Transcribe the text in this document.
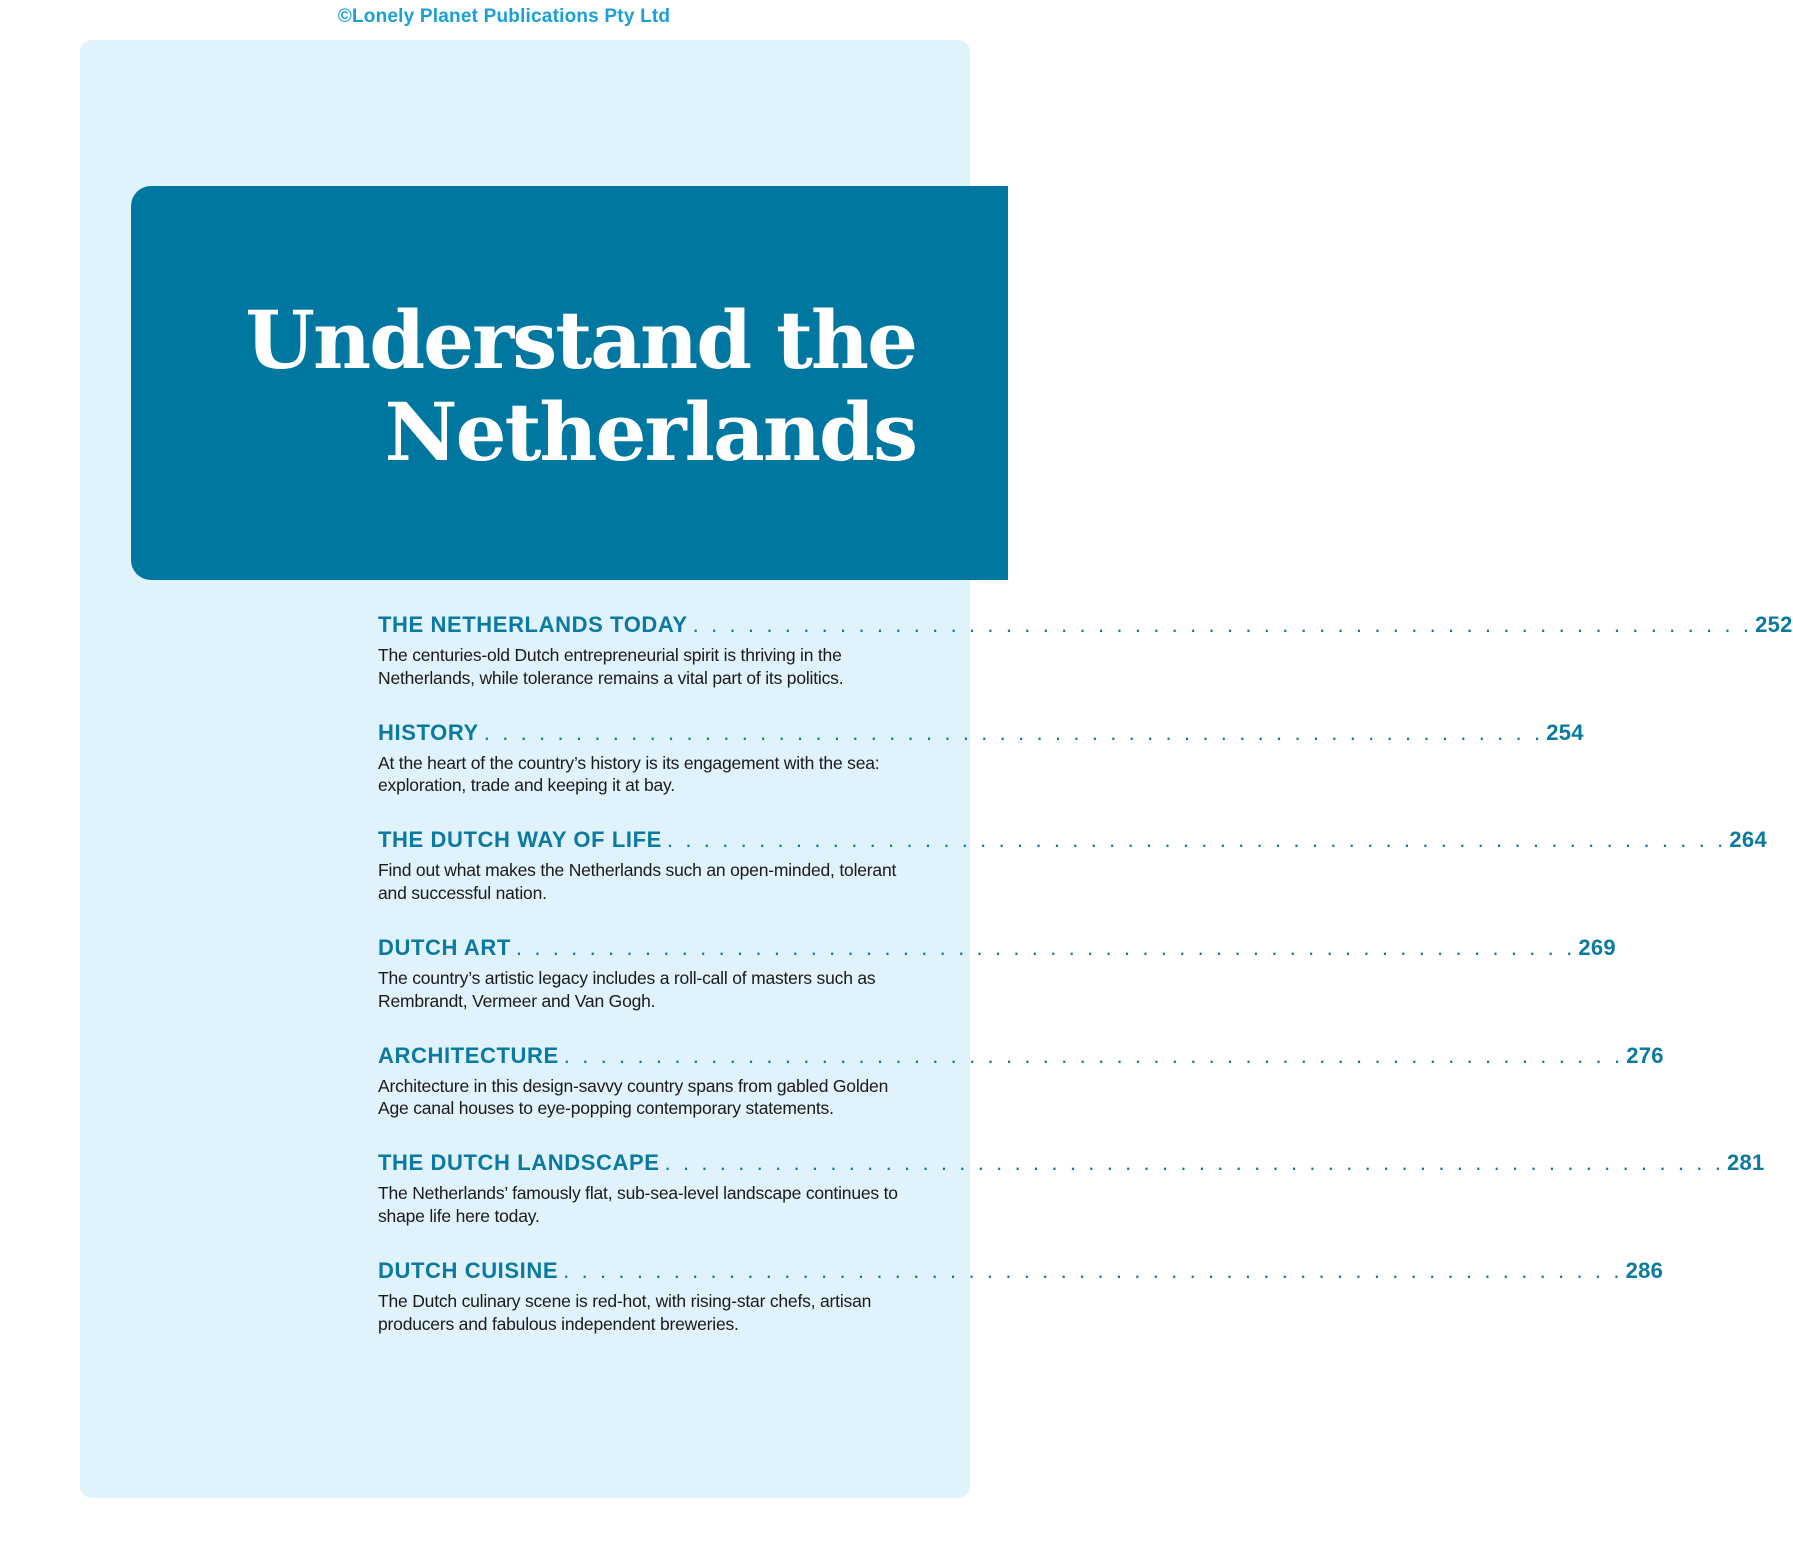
©Lonely Planet Publications Pty Ltd
Understand the
Netherlands
THE NETHERLANDS TODAY . . . . . . . . . . . . . . . . . . . . . . . . . . . . . . . . . . . . . . . . . . . . . . . . . . . . . . . . . . 252

The centuries-old Dutch entrepreneurial spirit is thriving in the Netherlands, while tolerance remains a vital part of its politics.

HISTORY . . . . . . . . . . . . . . . . . . . . . . . . . . . . . . . . . . . . . . . . . . . . . . . . . . . . . . . . . . 254

At the heart of the country’s history is its engagement with the sea: exploration, trade and keeping it at bay.

THE DUTCH WAY OF LIFE . . . . . . . . . . . . . . . . . . . . . . . . . . . . . . . . . . . . . . . . . . . . . . . . . . . . . . . . . . 264

Find out what makes the Netherlands such an open-minded, tolerant and successful nation.

DUTCH ART . . . . . . . . . . . . . . . . . . . . . . . . . . . . . . . . . . . . . . . . . . . . . . . . . . . . . . . . . . 269

The country’s artistic legacy includes a roll-call of masters such as Rembrandt, Vermeer and Van Gogh.

ARCHITECTURE . . . . . . . . . . . . . . . . . . . . . . . . . . . . . . . . . . . . . . . . . . . . . . . . . . . . . . . . . . 276

Architecture in this design-savvy country spans from gabled Golden Age canal houses to eye-popping contemporary statements.

THE DUTCH LANDSCAPE . . . . . . . . . . . . . . . . . . . . . . . . . . . . . . . . . . . . . . . . . . . . . . . . . . . . . . . . . . 281

The Netherlands’ famously flat, sub-sea-level landscape continues to shape life here today.

DUTCH CUISINE . . . . . . . . . . . . . . . . . . . . . . . . . . . . . . . . . . . . . . . . . . . . . . . . . . . . . . . . . . 286

The Dutch culinary scene is red-hot, with rising-star chefs, artisan producers and fabulous independent breweries.
